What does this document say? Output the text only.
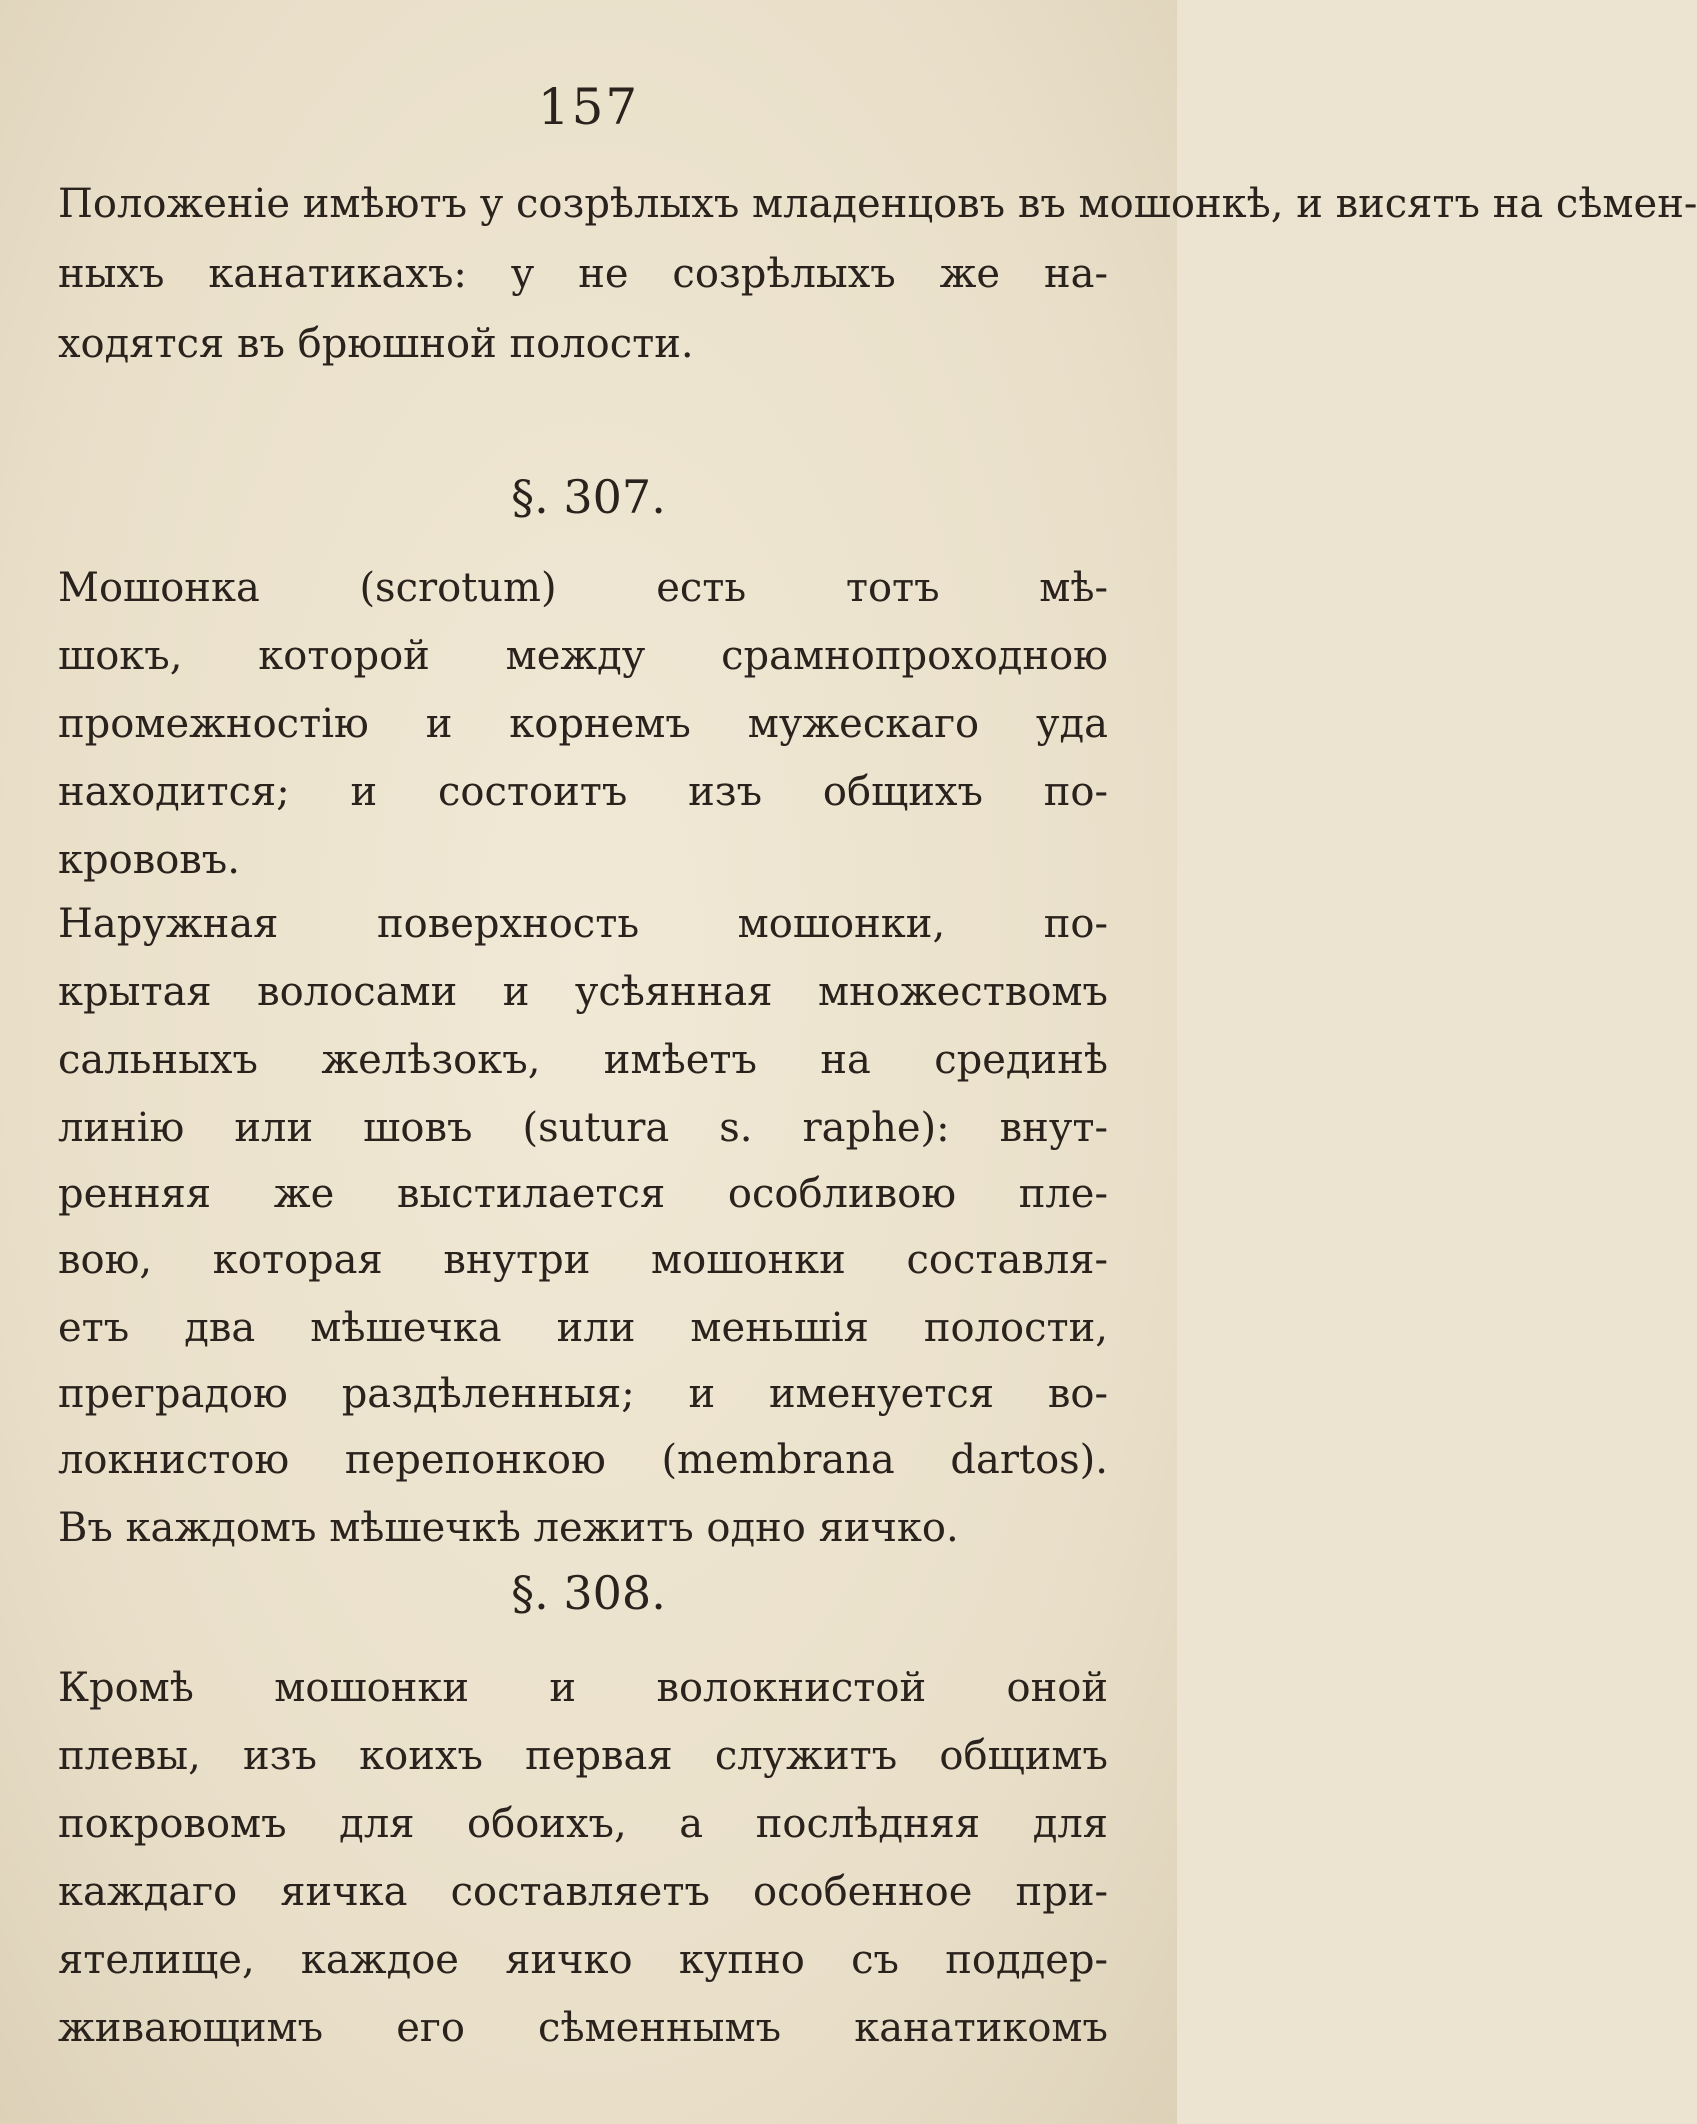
157
Положеніе имѣютъ у созрѣлыхъ младенцовъ въ мошонкѣ, и висятъ на сѣмен-
ныхъ канатикахъ: у не созрѣлыхъ же на-
ходятся въ брюшной полости.
§. 307.
Мошонка (scrotum) есть тотъ мѣ-
шокъ, которой между срамнопроходною
промежностію и корнемъ мужескаго уда
находится; и состоитъ изъ общихъ по-
крововъ.
Наружная поверхность мошонки, по-
крытая волосами и усѣянная множествомъ
сальныхъ желѣзокъ, имѣетъ на срединѣ
линію или шовъ (sutura s. raphe): внут-
ренняя же выстилается особливою пле-
вою, которая внутри мошонки составля-
етъ два мѣшечка или меньшія полости,
преградою раздѣленныя; и именуется во-
локнистою перепонкою (membrana dartos).
Въ каждомъ мѣшечкѣ лежитъ одно яичко.
§. 308.
Кромѣ мошонки и волокнистой оной
плевы, изъ коихъ первая служитъ общимъ
покровомъ для обоихъ, а послѣдняя для
каждаго яичка составляетъ особенное при-
ятелище, каждое яичко купно съ поддер-
живающимъ его сѣменнымъ канатикомъ
